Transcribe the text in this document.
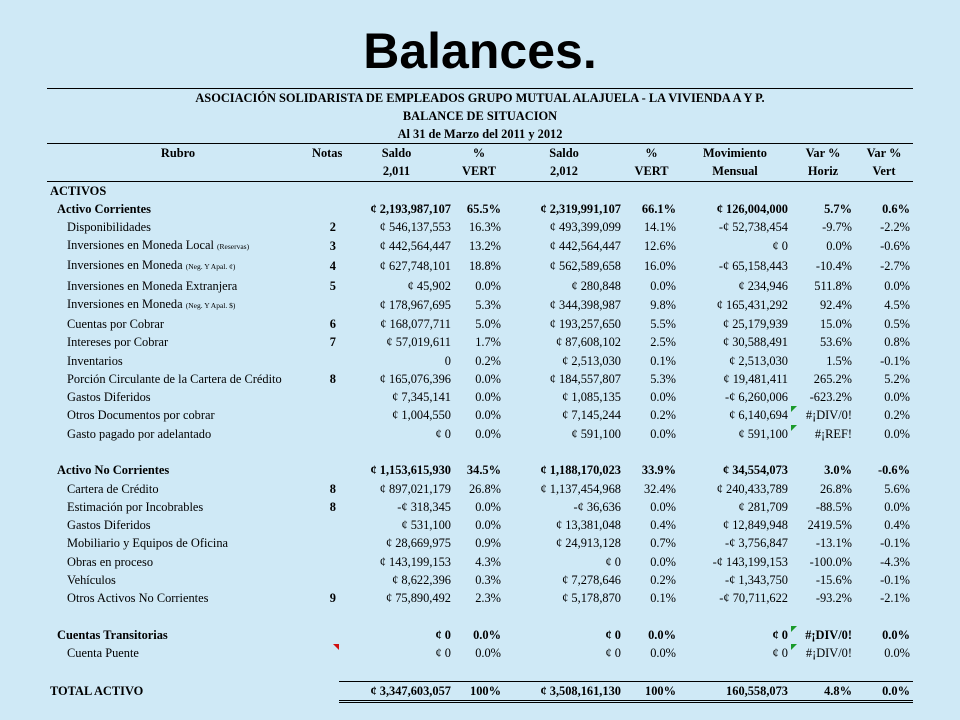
Balances.
ASOCIACIÓN SOLIDARISTA DE EMPLEADOS GRUPO MUTUAL ALAJUELA - LA VIVIENDA A Y P.
BALANCE DE SITUACION
Al 31 de Marzo del 2011 y 2012
Rubro	Notas	Saldo	%	Saldo	%	Movimiento	Var %	Var %
		2,011	VERT	2,012	VERT	Mensual	Horiz	Vert
ACTIVOS								
Activo Corrientes		¢ 2,193,987,107	65.5%	¢ 2,319,991,107	66.1%	¢ 126,004,000	5.7%	0.6%
Disponibilidades	2	¢ 546,137,553	16.3%	¢ 493,399,099	14.1%	-¢ 52,738,454	-9.7%	-2.2%
Inversiones en Moneda Local (Reservas)	3	¢ 442,564,447	13.2%	¢ 442,564,447	12.6%	¢ 0	0.0%	-0.6%
Inversiones en Moneda (Neg. Y Apal. ¢)	4	¢ 627,748,101	18.8%	¢ 562,589,658	16.0%	-¢ 65,158,443	-10.4%	-2.7%
Inversiones en Moneda Extranjera	5	¢ 45,902	0.0%	¢ 280,848	0.0%	¢ 234,946	511.8%	0.0%
Inversiones en Moneda (Neg. Y Apal. $)		¢ 178,967,695	5.3%	¢ 344,398,987	9.8%	¢ 165,431,292	92.4%	4.5%
Cuentas por Cobrar	6	¢ 168,077,711	5.0%	¢ 193,257,650	5.5%	¢ 25,179,939	15.0%	0.5%
Intereses por Cobrar	7	¢ 57,019,611	1.7%	¢ 87,608,102	2.5%	¢ 30,588,491	53.6%	0.8%
Inventarios		0	0.2%	¢ 2,513,030	0.1%	¢ 2,513,030	1.5%	-0.1%
Porción Circulante de la Cartera de Crédito	8	¢ 165,076,396	0.0%	¢ 184,557,807	5.3%	¢ 19,481,411	265.2%	5.2%
Gastos Diferidos		¢ 7,345,141	0.0%	¢ 1,085,135	0.0%	-¢ 6,260,006	-623.2%	0.0%
Otros Documentos por cobrar		¢ 1,004,550	0.0%	¢ 7,145,244	0.2%	¢ 6,140,694	#¡DIV/0!	0.2%
Gasto pagado por adelantado		¢ 0	0.0%	¢ 591,100	0.0%	¢ 591,100	#¡REF!	0.0%

Activo No Corrientes		¢ 1,153,615,930	34.5%	¢ 1,188,170,023	33.9%	¢ 34,554,073	3.0%	-0.6%
Cartera de Crédito	8	¢ 897,021,179	26.8%	¢ 1,137,454,968	32.4%	¢ 240,433,789	26.8%	5.6%
Estimación por Incobrables	8	-¢ 318,345	0.0%	-¢ 36,636	0.0%	¢ 281,709	-88.5%	0.0%
Gastos Diferidos		¢ 531,100	0.0%	¢ 13,381,048	0.4%	¢ 12,849,948	2419.5%	0.4%
Mobiliario y Equipos de Oficina		¢ 28,669,975	0.9%	¢ 24,913,128	0.7%	-¢ 3,756,847	-13.1%	-0.1%
Obras en proceso		¢ 143,199,153	4.3%	¢ 0	0.0%	-¢ 143,199,153	-100.0%	-4.3%
Vehículos		¢ 8,622,396	0.3%	¢ 7,278,646	0.2%	-¢ 1,343,750	-15.6%	-0.1%
Otros Activos No Corrientes	9	¢ 75,890,492	2.3%	¢ 5,178,870	0.1%	-¢ 70,711,622	-93.2%	-2.1%

Cuentas Transitorias		¢ 0	0.0%	¢ 0	0.0%	¢ 0	#¡DIV/0!	0.0%
Cuenta Puente		¢ 0	0.0%	¢ 0	0.0%	¢ 0	#¡DIV/0!	0.0%

TOTAL ACTIVO		¢ 3,347,603,057	100%	¢ 3,508,161,130	100%	160,558,073	4.8%	0.0%
